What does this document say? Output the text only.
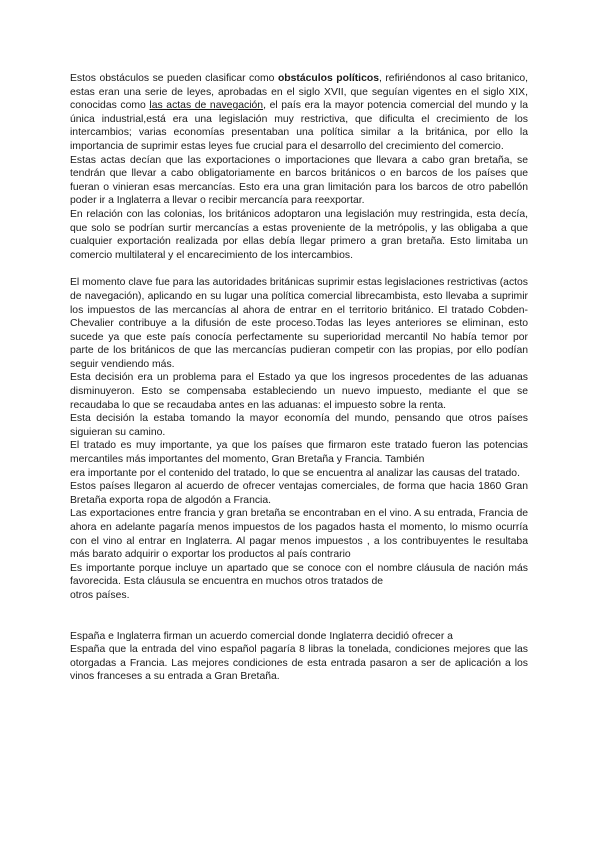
Estos obstáculos se pueden clasificar como obstáculos políticos, refiriéndonos al caso britanico, estas eran una serie de leyes, aprobadas en el siglo XVII, que seguían vigentes en el siglo XIX, conocidas como las actas de navegación, el país era la mayor potencia comercial del mundo y la única industrial,está era una legislación muy restrictiva, que dificulta el crecimiento de los intercambios; varias economías presentaban una política similar a la británica, por ello la importancia de suprimir estas leyes fue crucial para el desarrollo del crecimiento del comercio.

Estas actas decían que las exportaciones o importaciones que llevara a cabo gran bretaña, se tendrán que llevar a cabo obligatoriamente en barcos británicos o en barcos de los países que fueran o vinieran esas mercancías. Esto era una gran limitación para los barcos de otro pabellón poder ir a Inglaterra a llevar o recibir mercancía para reexportar.

En relación con las colonias, los británicos adoptaron una legislación muy restringida, esta decía, que solo se podrían surtir mercancías a estas proveniente de la metrópolis, y las obligaba a que cualquier exportación realizada por ellas debía llegar primero a gran bretaña. Esto limitaba un comercio multilateral y el encarecimiento de los intercambios.

El momento clave fue para las autoridades británicas suprimir estas legislaciones restrictivas (actos de navegación), aplicando en su lugar una política comercial librecambista, esto llevaba a suprimir los impuestos de las mercancías al ahora de entrar en el territorio británico. El tratado Cobden-Chevalier contribuye a la difusión de este proceso.Todas las leyes anteriores se eliminan, esto sucede ya que este país conocía perfectamente su superioridad mercantil No había temor por parte de los británicos de que las mercancías pudieran competir con las propias, por ello podían seguir vendiendo más.

Esta decisión era un problema para el Estado ya que los ingresos procedentes de las aduanas disminuyeron. Esto se compensaba estableciendo un nuevo impuesto, mediante el que se recaudaba lo que se recaudaba antes en las aduanas: el impuesto sobre la renta.

Esta decisión la estaba tomando la mayor economía del mundo, pensando que otros países siguieran su camino.

El tratado es muy importante, ya que los países que firmaron este tratado fueron las potencias mercantiles más importantes del momento, Gran Bretaña y Francia. También

era importante por el contenido del tratado, lo que se encuentra al analizar las causas del tratado.

Estos países llegaron al acuerdo de ofrecer ventajas comerciales, de forma que hacia 1860 Gran Bretaña exporta ropa de algodón a Francia.

Las exportaciones entre francia y gran bretaña se encontraban en el vino. A su entrada, Francia de ahora en adelante pagaría menos impuestos de los pagados hasta el momento, lo mismo ocurría con el vino al entrar en Inglaterra. Al pagar menos impuestos , a los contribuyentes le resultaba más barato adquirir o exportar los productos al país contrario

Es importante porque incluye un apartado que se conoce con el nombre cláusula de nación más favorecida. Esta cláusula se encuentra en muchos otros tratados de

otros países.

España e Inglaterra firman un acuerdo comercial donde Inglaterra decidió ofrecer a
España que la entrada del vino español pagaría 8 libras la tonelada, condiciones mejores que las otorgadas a Francia. Las mejores condiciones de esta entrada pasaron a ser de aplicación a los vinos franceses a su entrada a Gran Bretaña.
